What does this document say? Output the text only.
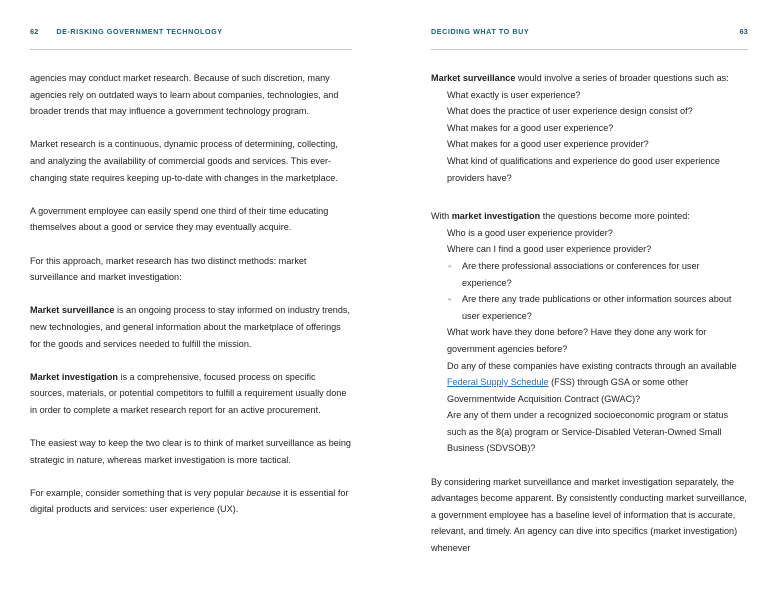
62	DE-RISKING GOVERNMENT TECHNOLOGY

agencies may conduct market research. Because of such discretion, many agencies rely on outdated ways to learn about companies, technologies, and broader trends that may influence a government technology program.

Market research is a continuous, dynamic process of determining, collecting, and analyzing the availability of commercial goods and services. This ever-changing state requires keeping up-to-date with changes in the marketplace.

A government employee can easily spend one third of their time educating themselves about a good or service they may eventually acquire.

For this approach, market research has two distinct methods: market surveillance and market investigation:

Market surveillance is an ongoing process to stay informed on industry trends, new technologies, and general information about the marketplace of offerings for the goods and services needed to fulfill the mission.

Market investigation is a comprehensive, focused process on specific sources, materials, or potential competitors to fulfill a requirement usually done in order to complete a market research report for an active procurement.

The easiest way to keep the two clear is to think of market surveillance as being strategic in nature, whereas market investigation is more tactical.

For example, consider something that is very popular because it is essential for digital products and services: user experience (UX).

DECIDING WHAT TO BUY	63

Market surveillance would involve a series of broader questions such as:

What exactly is user experience?
What does the practice of user experience design consist of?
What makes for a good user experience?
What makes for a good user experience provider?
What kind of qualifications and experience do good user experience providers have?

With market investigation the questions become more pointed:

Who is a good user experience provider?
Where can I find a good user experience provider?
◦ Are there professional associations or conferences for user experience?
◦ Are there any trade publications or other information sources about user experience?
What work have they done before? Have they done any work for government agencies before?
Do any of these companies have existing contracts through an available Federal Supply Schedule (FSS) through GSA or some other Governmentwide Acquisition Contract (GWAC)?
Are any of them under a recognized socioeconomic program or status such as the 8(a) program or Service-Disabled Veteran-Owned Small Business (SDVSOB)?

By considering market surveillance and market investigation separately, the advantages become apparent. By consistently conducting market surveillance, a government employee has a baseline level of information that is accurate, relevant, and timely. An agency can dive into specifics (market investigation) whenever
